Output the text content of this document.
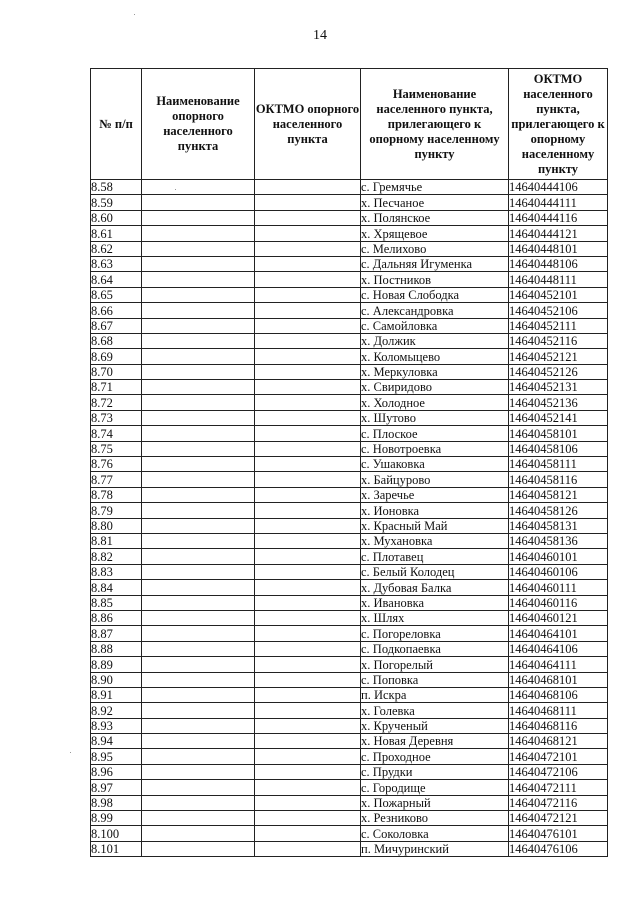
14
№ п/п	Наименование опорного населенного пункта	ОКТМО опорного населенного пункта	Наименование населенного пункта, прилегающего к опорному населенному пункту	ОКТМО населенного пункта, прилегающего к опорному населенному пункту
8.58			с. Гремячье	14640444106
8.59			х. Песчаное	14640444111
8.60			х. Полянское	14640444116
8.61			х. Хрящевое	14640444121
8.62			с. Мелихово	14640448101
8.63			с. Дальняя Игуменка	14640448106
8.64			х. Постников	14640448111
8.65			с. Новая Слободка	14640452101
8.66			с. Александровка	14640452106
8.67			с. Самойловка	14640452111
8.68			х. Должик	14640452116
8.69			х. Коломыцево	14640452121
8.70			х. Меркуловка	14640452126
8.71			х. Свиридово	14640452131
8.72			х. Холодное	14640452136
8.73			х. Шутово	14640452141
8.74			с. Плоское	14640458101
8.75			с. Новотроевка	14640458106
8.76			с. Ушаковка	14640458111
8.77			х. Байцурово	14640458116
8.78			х. Заречье	14640458121
8.79			х. Ионовка	14640458126
8.80			х. Красный Май	14640458131
8.81			х. Мухановка	14640458136
8.82			с. Плотавец	14640460101
8.83			с. Белый Колодец	14640460106
8.84			х. Дубовая Балка	14640460111
8.85			х. Ивановка	14640460116
8.86			х. Шлях	14640460121
8.87			с. Погореловка	14640464101
8.88			с. Подкопаевка	14640464106
8.89			х. Погорелый	14640464111
8.90			с. Поповка	14640468101
8.91			п. Искра	14640468106
8.92			х. Голевка	14640468111
8.93			х. Крученый	14640468116
8.94			х. Новая Деревня	14640468121
8.95			с. Проходное	14640472101
8.96			с. Прудки	14640472106
8.97			с. Городище	14640472111
8.98			х. Пожарный	14640472116
8.99			х. Резниково	14640472121
8.100			с. Соколовка	14640476101
8.101			п. Мичуринский	14640476106
